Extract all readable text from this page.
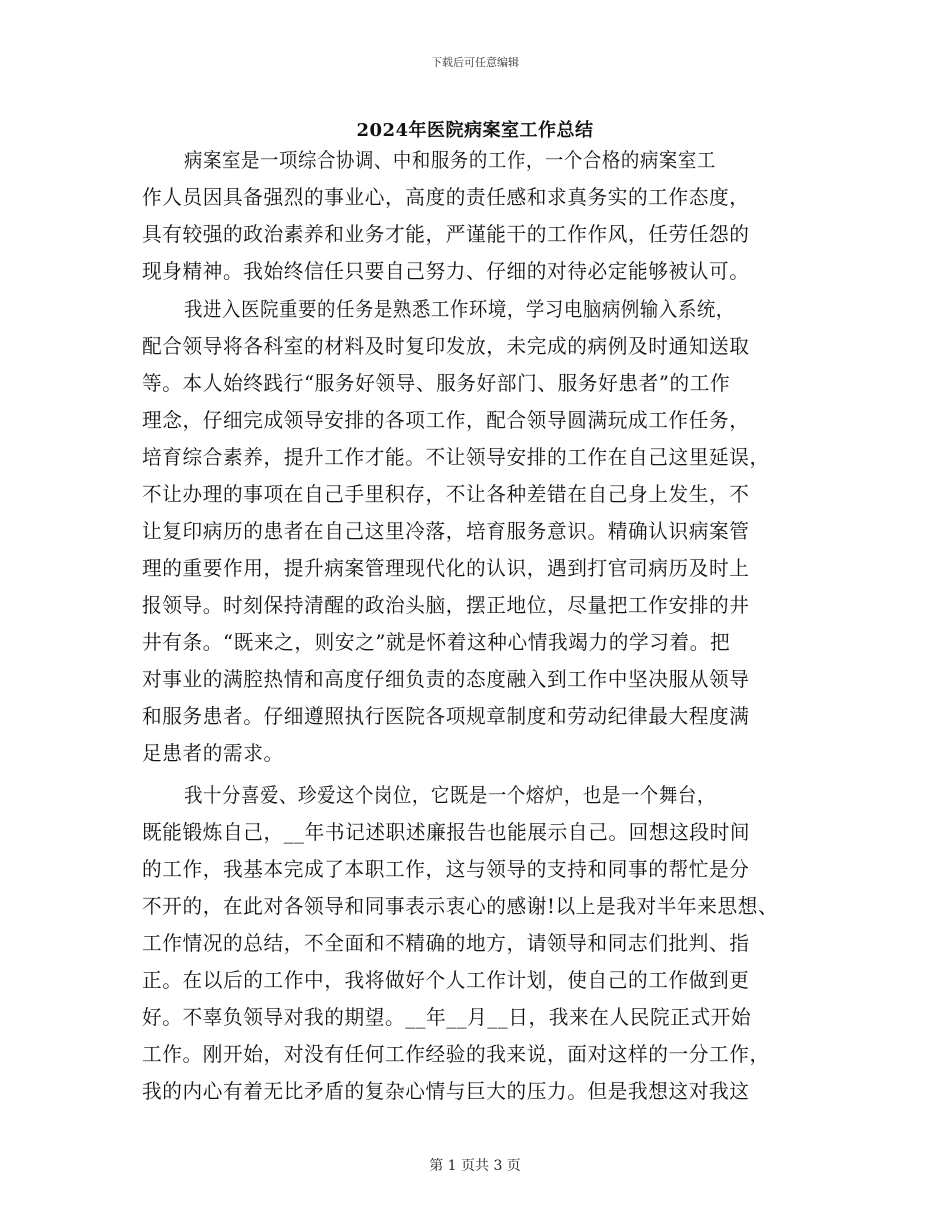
下载后可任意编辑
2024年医院病案室工作总结
病案室是一项综合协调、中和服务的工作，一个合格的病案室工
作人员因具备强烈的事业心，高度的责任感和求真务实的工作态度，
具有较强的政治素养和业务才能，严谨能干的工作作风，任劳任怨的
现身精神。我始终信任只要自己努力、仔细的对待必定能够被认可。
我进入医院重要的任务是熟悉工作环境，学习电脑病例输入系统，
配合领导将各科室的材料及时复印发放，未完成的病例及时通知送取
等。本人始终践行“服务好领导、服务好部门、服务好患者”的工作
理念，仔细完成领导安排的各项工作，配合领导圆满玩成工作任务，
培育综合素养，提升工作才能。不让领导安排的工作在自己这里延误，
不让办理的事项在自己手里积存，不让各种差错在自己身上发生，不
让复印病历的患者在自己这里冷落，培育服务意识。精确认识病案管
理的重要作用，提升病案管理现代化的认识，遇到打官司病历及时上
报领导。时刻保持清醒的政治头脑，摆正地位，尽量把工作安排的井
井有条。“既来之，则安之”就是怀着这种心情我竭力的学习着。把
对事业的满腔热情和高度仔细负责的态度融入到工作中坚决服从领导
和服务患者。仔细遵照执行医院各项规章制度和劳动纪律最大程度满
足患者的需求。
我十分喜爱、珍爱这个岗位，它既是一个熔炉，也是一个舞台，
既能锻炼自己，__年书记述职述廉报告也能展示自己。回想这段时间
的工作，我基本完成了本职工作，这与领导的支持和同事的帮忙是分
不开的，在此对各领导和同事表示衷心的感谢!以上是我对半年来思想、
工作情况的总结，不全面和不精确的地方，请领导和同志们批判、指
正。在以后的工作中，我将做好个人工作计划，使自己的工作做到更
好。不辜负领导对我的期望。__年__月__日，我来在人民院正式开始
工作。刚开始，对没有任何工作经验的我来说，面对这样的一分工作，
我的内心有着无比矛盾的复杂心情与巨大的压力。但是我想这对我这
第 1 页共 3 页
